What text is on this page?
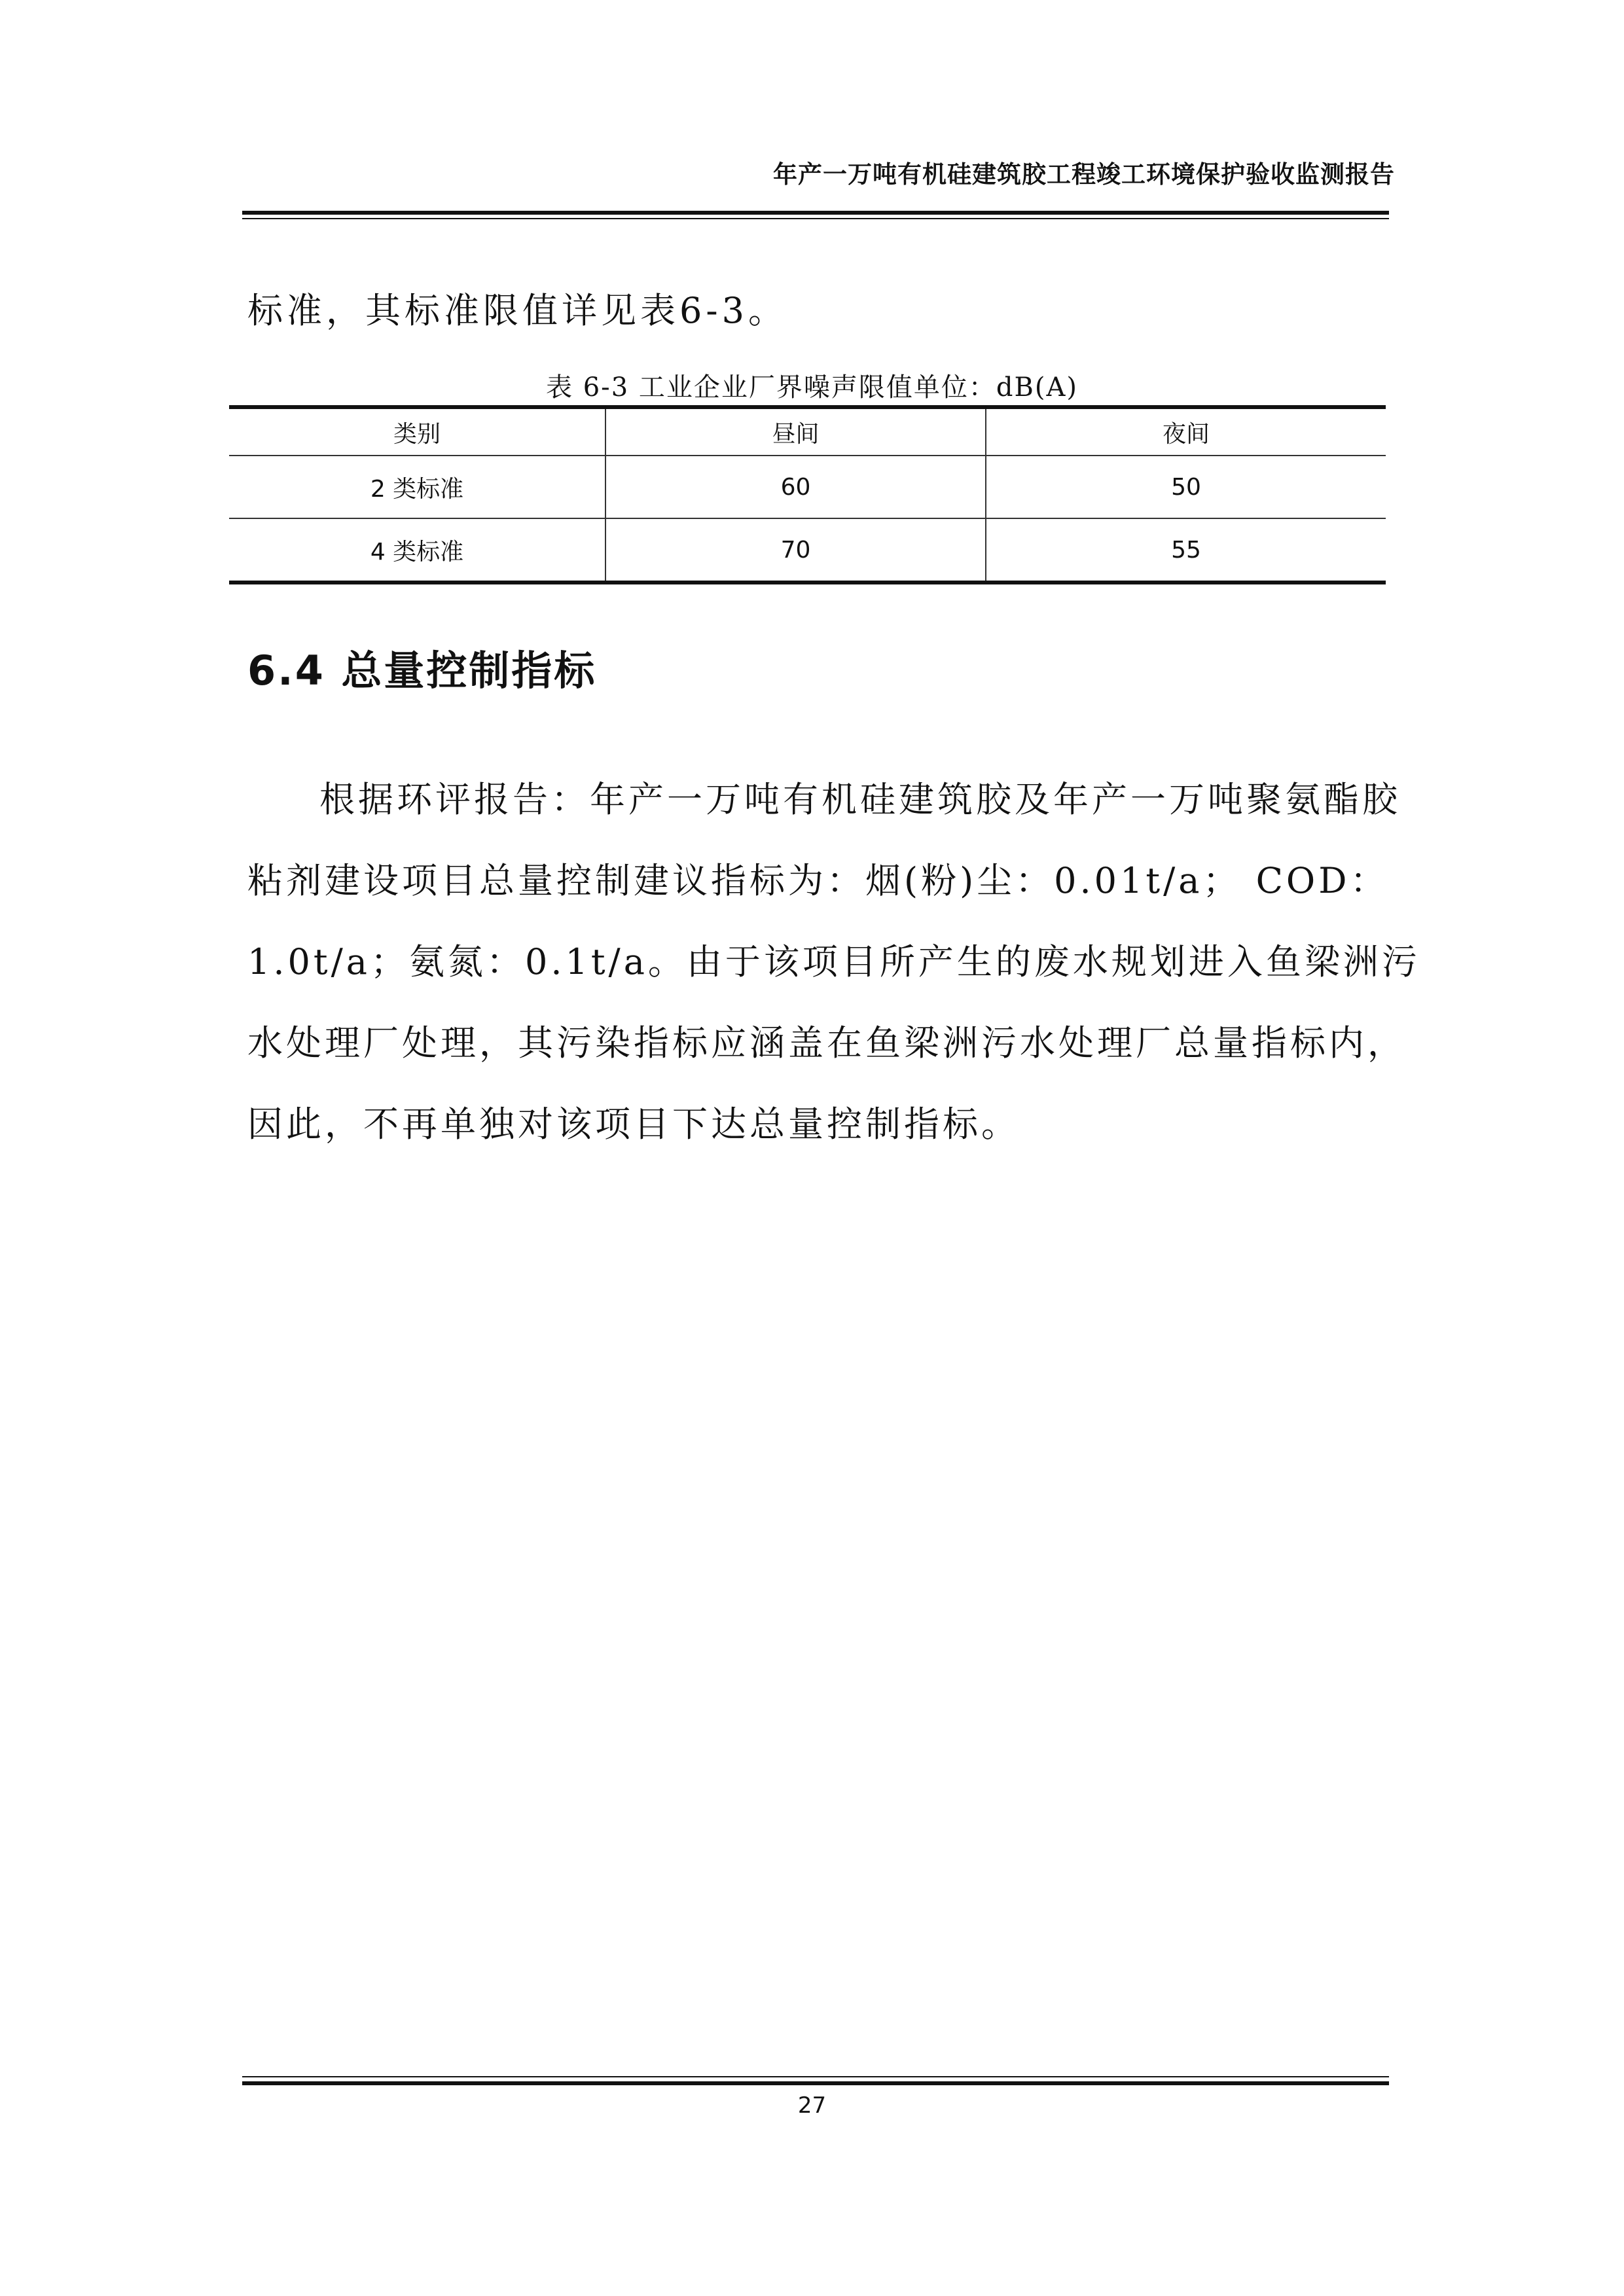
年产一万吨有机硅建筑胶工程竣工环境保护验收监测报告
标准，其标准限值详见表6-3。
表 6-3 工业企业厂界噪声限值单位：dB(A)
类别	昼间	夜间
2 类标准	60	50
4 类标准	70	55
6.4 总量控制指标
根据环评报告：年产一万吨有机硅建筑胶及年产一万吨聚氨酯胶
粘剂建设项目总量控制建议指标为：烟(粉)尘：0.01t/a； COD：
1.0t/a；氨氮：0.1t/a。由于该项目所产生的废水规划进入鱼梁洲污
水处理厂处理，其污染指标应涵盖在鱼梁洲污水处理厂总量指标内，
因此，不再单独对该项目下达总量控制指标。
27
